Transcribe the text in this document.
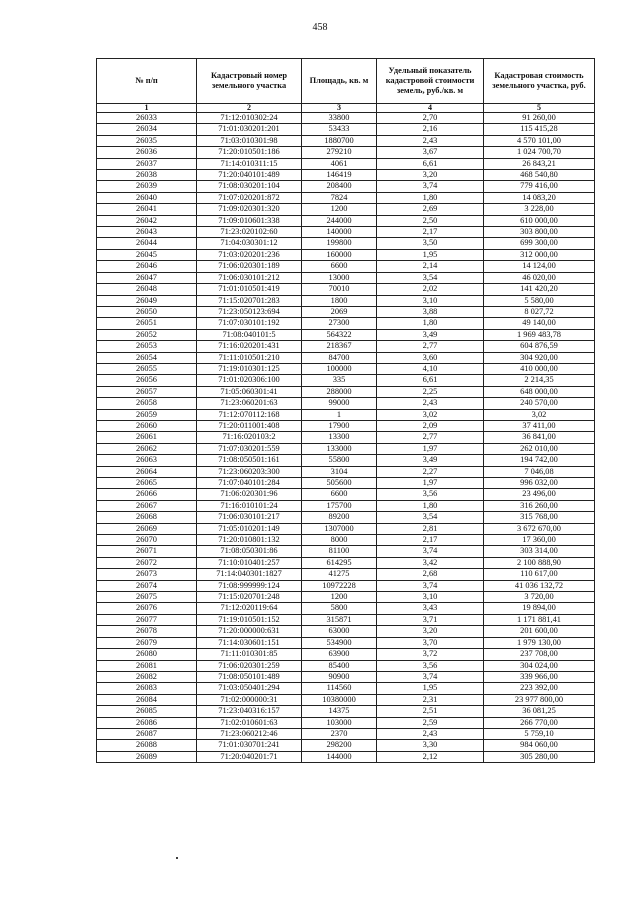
458
№ п/п	Кадастровый номер земельного участка	Площадь, кв. м	Удельный показатель кадастровой стоимости земель, руб./кв. м	Кадастровая стоимость земельного участка, руб.
1	2	3	4	5
26033	71:12:010302:24	33800	2,70	91 260,00
26034	71:01:030201:201	53433	2,16	115 415,28
26035	71:03:010301:98	1880700	2,43	4 570 101,00
26036	71:20:010501:186	279210	3,67	1 024 700,70
26037	71:14:010311:15	4061	6,61	26 843,21
26038	71:20:040101:489	146419	3,20	468 540,80
26039	71:08:030201:104	208400	3,74	779 416,00
26040	71:07:020201:872	7824	1,80	14 083,20
26041	71:09:020301:320	1200	2,69	3 228,00
26042	71:09:010601:338	244000	2,50	610 000,00
26043	71:23:020102:60	140000	2,17	303 800,00
26044	71:04:030301:12	199800	3,50	699 300,00
26045	71:03:020201:236	160000	1,95	312 000,00
26046	71:06:020301:189	6600	2,14	14 124,00
26047	71:06:030101:212	13000	3,54	46 020,00
26048	71:01:010501:419	70010	2,02	141 420,20
26049	71:15:020701:283	1800	3,10	5 580,00
26050	71:23:050123:694	2069	3,88	8 027,72
26051	71:07:030101:192	27300	1,80	49 140,00
26052	71:08:040101:5	564322	3,49	1 969 483,78
26053	71:16:020201:431	218367	2,77	604 876,59
26054	71:11:010501:210	84700	3,60	304 920,00
26055	71:19:010301:125	100000	4,10	410 000,00
26056	71:01:020306:100	335	6,61	2 214,35
26057	71:05:060301:41	288000	2,25	648 000,00
26058	71:23:060201:63	99000	2,43	240 570,00
26059	71:12:070112:168	1	3,02	3,02
26060	71:20:011001:408	17900	2,09	37 411,00
26061	71:16:020103:2	13300	2,77	36 841,00
26062	71:07:030201:559	133000	1,97	262 010,00
26063	71:08:050501:161	55800	3,49	194 742,00
26064	71:23:060203:300	3104	2,27	7 046,08
26065	71:07:040101:284	505600	1,97	996 032,00
26066	71:06:020301:96	6600	3,56	23 496,00
26067	71:16:010101:24	175700	1,80	316 260,00
26068	71:06:030101:217	89200	3,54	315 768,00
26069	71:05:010201:149	1307000	2,81	3 672 670,00
26070	71:20:010801:132	8000	2,17	17 360,00
26071	71:08:050301:86	81100	3,74	303 314,00
26072	71:10:010401:257	614295	3,42	2 100 888,90
26073	71:14:040301:1827	41275	2,68	110 617,00
26074	71:08:999999:124	10972228	3,74	41 036 132,72
26075	71:15:020701:248	1200	3,10	3 720,00
26076	71:12:020119:64	5800	3,43	19 894,00
26077	71:19:010501:152	315871	3,71	1 171 881,41
26078	71:20:000000:631	63000	3,20	201 600,00
26079	71:14:030601:151	534900	3,70	1 979 130,00
26080	71:11:010301:85	63900	3,72	237 708,00
26081	71:06:020301:259	85400	3,56	304 024,00
26082	71:08:050101:489	90900	3,74	339 966,00
26083	71:03:050401:294	114560	1,95	223 392,00
26084	71:02:000000:31	10380000	2,31	23 977 800,00
26085	71:23:040316:157	14375	2,51	36 081,25
26086	71:02:010601:63	103000	2,59	266 770,00
26087	71:23:060212:46	2370	2,43	5 759,10
26088	71:01:030701:241	298200	3,30	984 060,00
26089	71:20:040201:71	144000	2,12	305 280,00
